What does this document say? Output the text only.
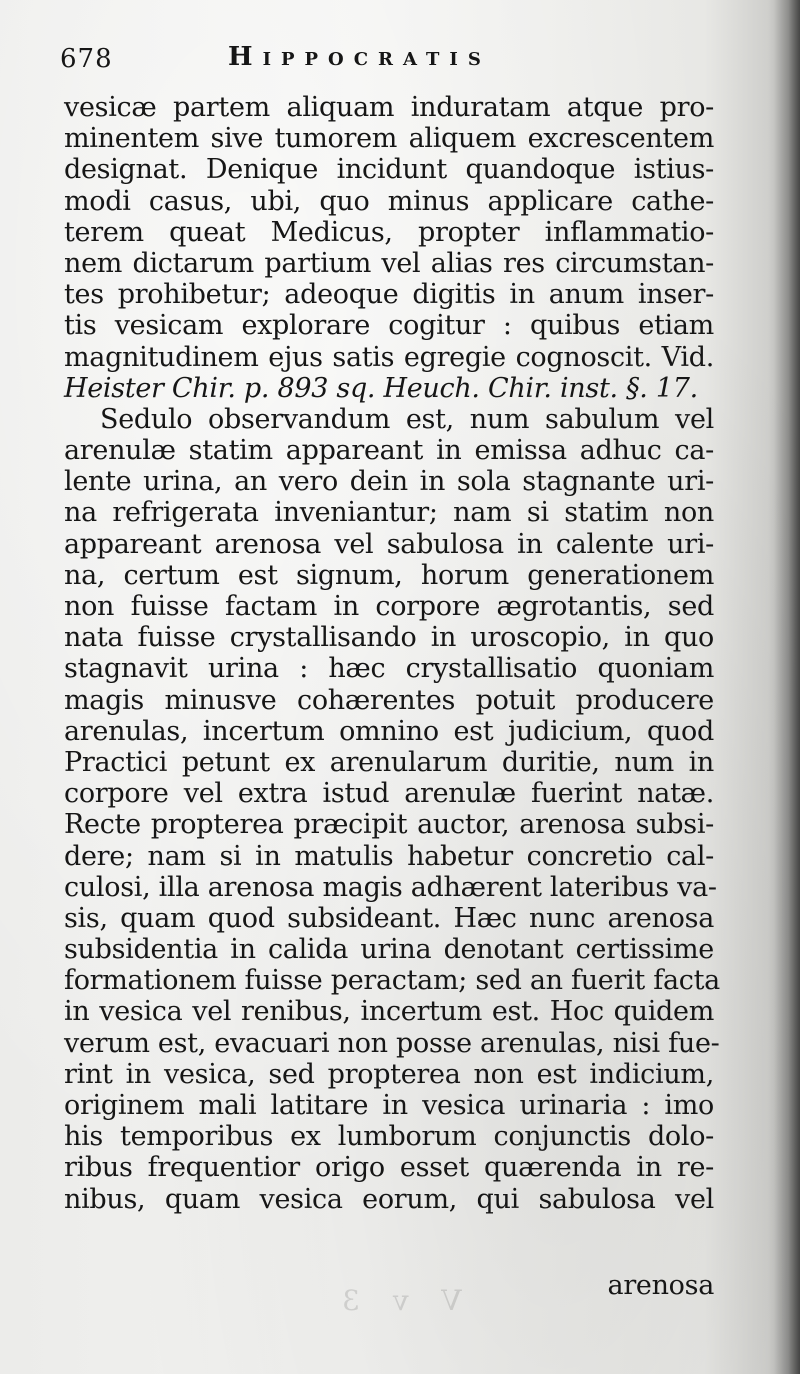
678	Hippocratis
vesicæ partem aliquam induratam atque pro-
minentem sive tumorem aliquem excrescentem
designat. Denique incidunt quandoque istius-
modi casus, ubi, quo minus applicare cathe-
terem queat Medicus, propter inflammatio-
nem dictarum partium vel alias res circumstan-
tes prohibetur; adeoque digitis in anum inser-
tis vesicam explorare cogitur : quibus etiam
magnitudinem ejus satis egregie cognoscit. Vid.
Heister Chir. p. 893 sq. Heuch. Chir. inst. §. 17.
Sedulo observandum est, num sabulum vel
arenulæ statim appareant in emissa adhuc ca-
lente urina, an vero dein in sola stagnante uri-
na refrigerata inveniantur; nam si statim non
appareant arenosa vel sabulosa in calente uri-
na, certum est signum, horum generationem
non fuisse factam in corpore ægrotantis, sed
nata fuisse crystallisando in uroscopio, in quo
stagnavit urina : hæc crystallisatio quoniam
magis minusve cohærentes potuit producere
arenulas, incertum omnino est judicium, quod
Practici petunt ex arenularum duritie, num in
corpore vel extra istud arenulæ fuerint natæ.
Recte propterea præcipit auctor, arenosa subsi-
dere; nam si in matulis habetur concretio cal-
culosi, illa arenosa magis adhærent lateribus va-
sis, quam quod subsideant. Hæc nunc arenosa
subsidentia in calida urina denotant certissime
formationem fuisse peractam; sed an fuerit facta
in vesica vel renibus, incertum est. Hoc quidem
verum est, evacuari non posse arenulas, nisi fue-
rint in vesica, sed propterea non est indicium,
originem mali latitare in vesica urinaria : imo
his temporibus ex lumborum conjunctis dolo-
ribus frequentior origo esset quærenda in re-
nibus, quam vesica eorum, qui sabulosa vel
arenosa
V v 3
